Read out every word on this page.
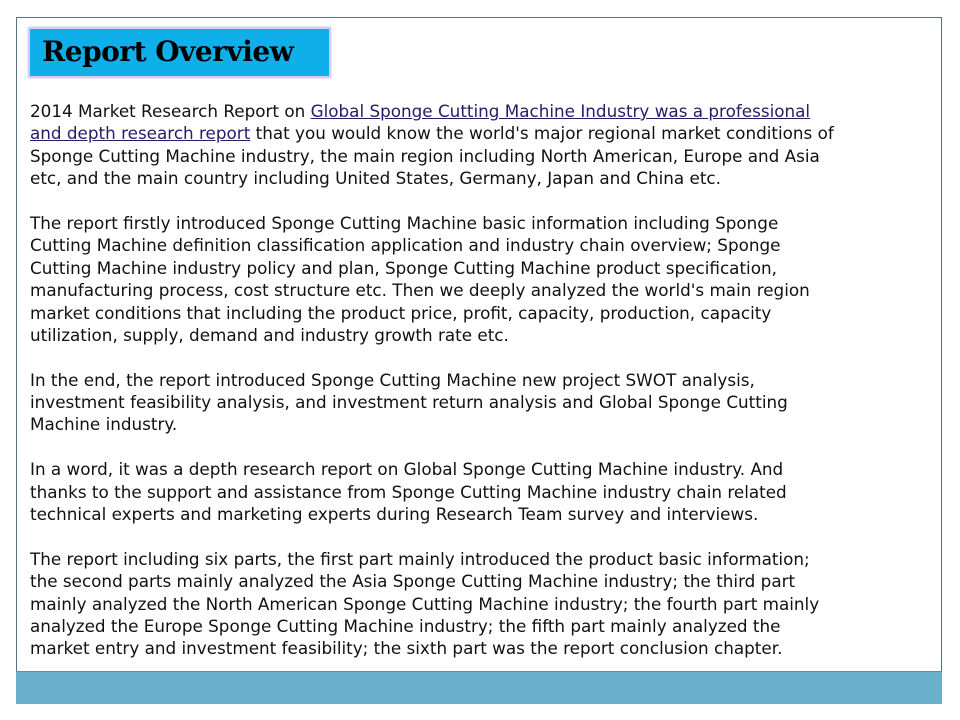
Report Overview
2014 Market Research Report on Global Sponge Cutting Machine Industry was a professional
and depth research report that you would know the world's major regional market conditions of
Sponge Cutting Machine industry, the main region including North American, Europe and Asia
etc, and the main country including United States, Germany, Japan and China etc.
The report firstly introduced Sponge Cutting Machine basic information including Sponge
Cutting Machine definition classification application and industry chain overview; Sponge
Cutting Machine industry policy and plan, Sponge Cutting Machine product specification,
manufacturing process, cost structure etc. Then we deeply analyzed the world's main region
market conditions that including the product price, profit, capacity, production, capacity
utilization, supply, demand and industry growth rate etc.
In the end, the report introduced Sponge Cutting Machine new project SWOT analysis,
investment feasibility analysis, and investment return analysis and Global Sponge Cutting
Machine industry.
In a word, it was a depth research report on Global Sponge Cutting Machine industry. And
thanks to the support and assistance from Sponge Cutting Machine industry chain related
technical experts and marketing experts during Research Team survey and interviews.
The report including six parts, the first part mainly introduced the product basic information;
the second parts mainly analyzed the Asia Sponge Cutting Machine industry; the third part
mainly analyzed the North American Sponge Cutting Machine industry; the fourth part mainly
analyzed the Europe Sponge Cutting Machine industry; the fifth part mainly analyzed the
market entry and investment feasibility; the sixth part was the report conclusion chapter.
